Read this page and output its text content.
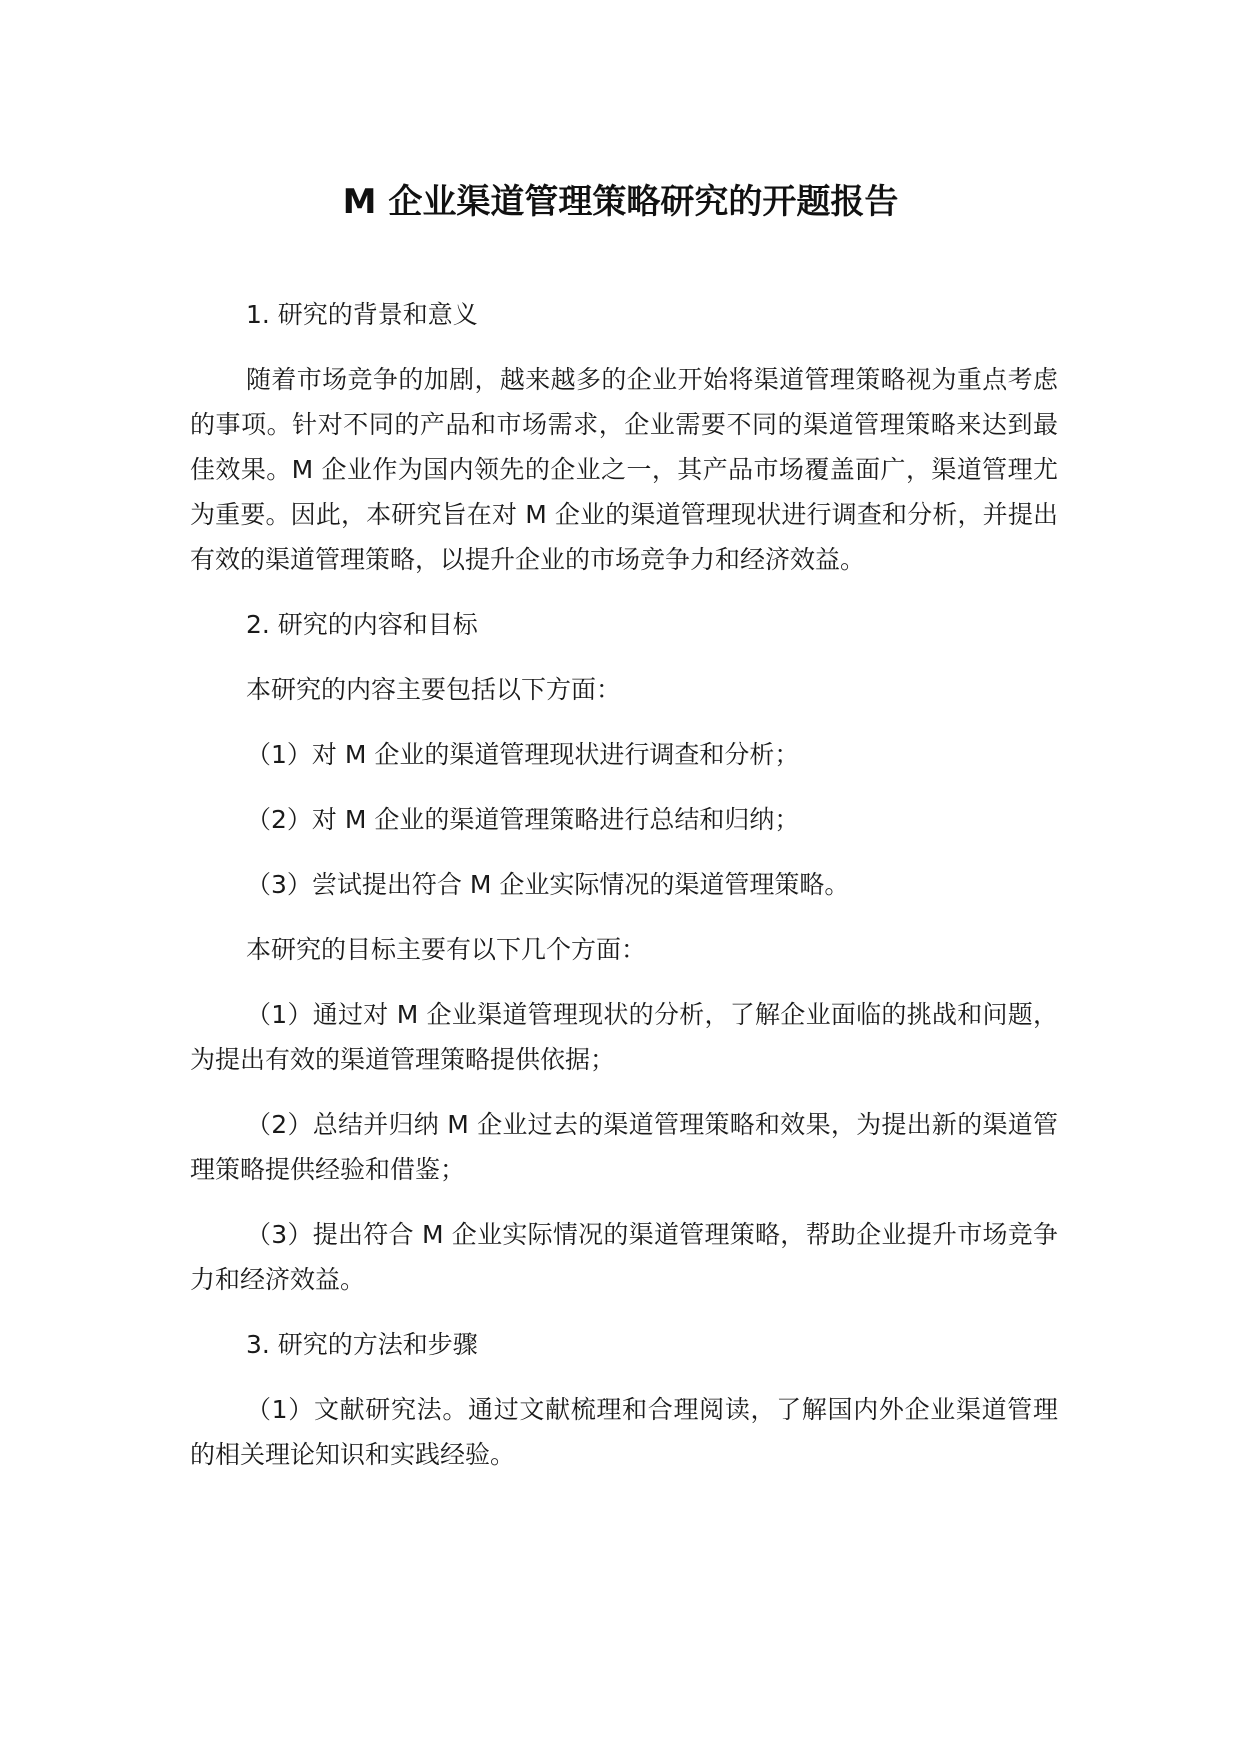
M 企业渠道管理策略研究的开题报告

1. 研究的背景和意义

随着市场竞争的加剧，越来越多的企业开始将渠道管理策略视为重点考虑的事项。针对不同的产品和市场需求，企业需要不同的渠道管理策略来达到最佳效果。M 企业作为国内领先的企业之一，其产品市场覆盖面广，渠道管理尤为重要。因此，本研究旨在对 M 企业的渠道管理现状进行调查和分析，并提出有效的渠道管理策略，以提升企业的市场竞争力和经济效益。

2. 研究的内容和目标

本研究的内容主要包括以下方面：

（1）对 M 企业的渠道管理现状进行调查和分析；

（2）对 M 企业的渠道管理策略进行总结和归纳；

（3）尝试提出符合 M 企业实际情况的渠道管理策略。

本研究的目标主要有以下几个方面：

（1）通过对 M 企业渠道管理现状的分析，了解企业面临的挑战和问题，为提出有效的渠道管理策略提供依据；

（2）总结并归纳 M 企业过去的渠道管理策略和效果，为提出新的渠道管理策略提供经验和借鉴；

（3）提出符合 M 企业实际情况的渠道管理策略，帮助企业提升市场竞争力和经济效益。

3. 研究的方法和步骤

（1）文献研究法。通过文献梳理和合理阅读，了解国内外企业渠道管理的相关理论知识和实践经验。
